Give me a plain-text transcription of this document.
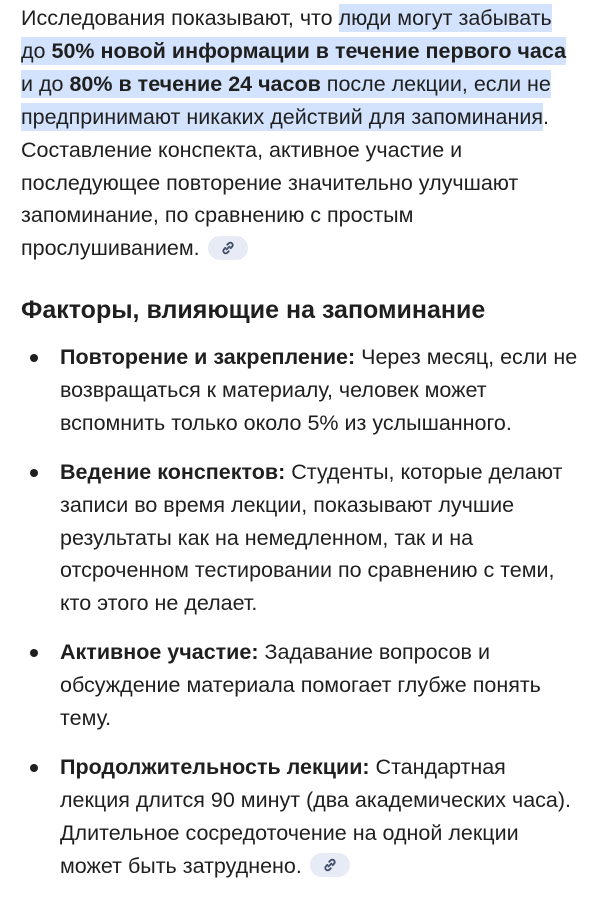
Исследования показывают, что люди могут забывать до 50% новой информации в течение первого часа и до 80% в течение 24 часов после лекции, если не предпринимают никаких действий для запоминания. Составление конспекта, активное участие и последующее повторение значительно улучшают запоминание, по сравнению с простым прослушиванием.

Факторы, влияющие на запоминание
Повторение и закрепление: Через месяц, если не возвращаться к материалу, человек может вспомнить только около 5% из услышанного.
Ведение конспектов: Студенты, которые делают записи во время лекции, показывают лучшие результаты как на немедленном, так и на отсроченном тестировании по сравнению с теми, кто этого не делает.
Активное участие: Задавание вопросов и обсуждение материала помогает глубже понять тему.
Продолжительность лекции: Стандартная лекция длится 90 минут (два академических часа). Длительное сосредоточение на одной лекции может быть затруднено.
